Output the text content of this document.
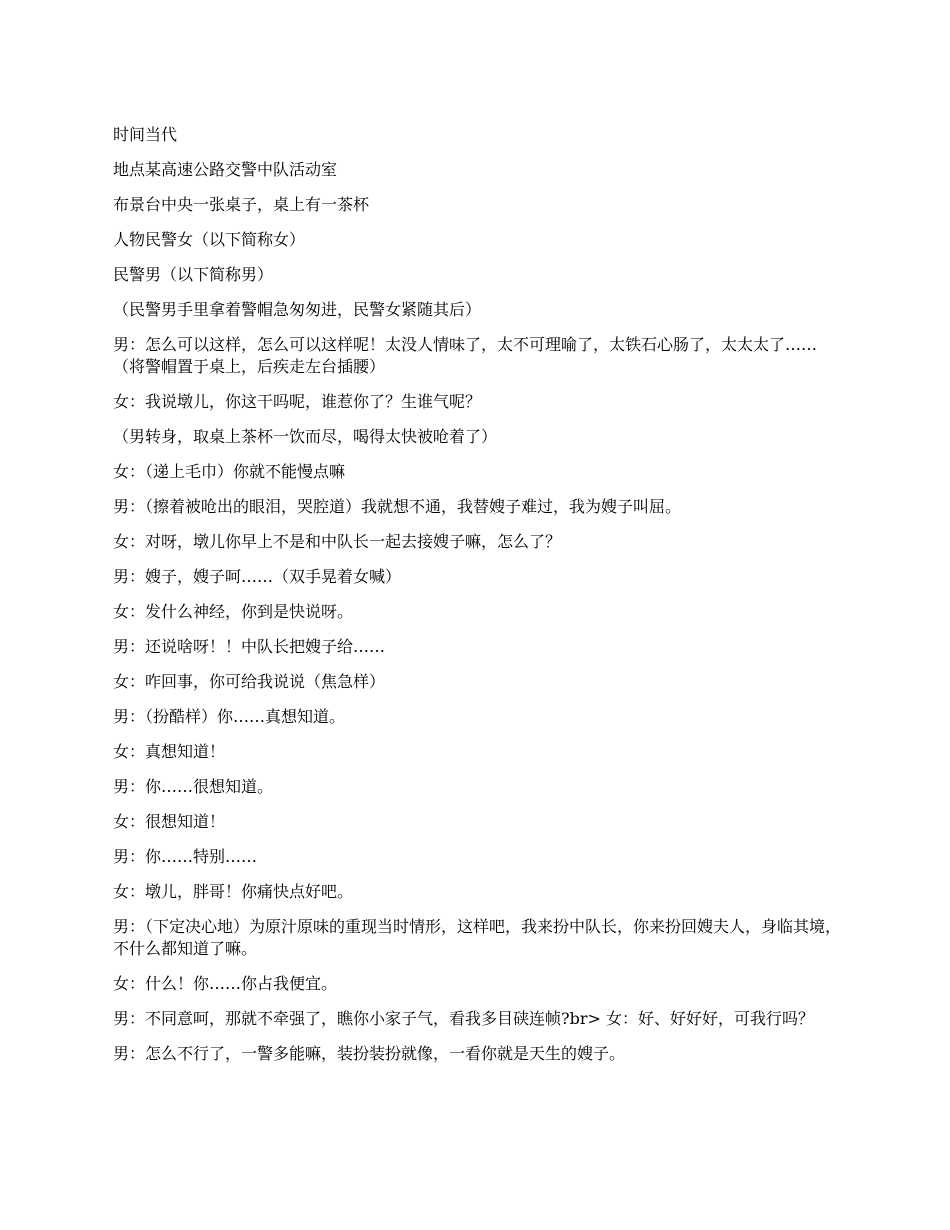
时间当代

地点某高速公路交警中队活动室

布景台中央一张桌子，桌上有一茶杯

人物民警女（以下简称女）

民警男（以下简称男）

（民警男手里拿着警帽急匆匆进，民警女紧随其后）

男：怎么可以这样，怎么可以这样呢！太没人情味了，太不可理喻了，太铁石心肠了，太太太了……（将警帽置于桌上，后疾走左台插腰）

女：我说墩儿，你这干吗呢，谁惹你了？生谁气呢？

（男转身，取桌上茶杯一饮而尽，喝得太快被呛着了）

女：（递上毛巾）你就不能慢点嘛

男：（擦着被呛出的眼泪，哭腔道）我就想不通，我替嫂子难过，我为嫂子叫屈。

女：对呀，墩儿你早上不是和中队长一起去接嫂子嘛，怎么了？

男：嫂子，嫂子呵……（双手晃着女喊）

女：发什么神经，你到是快说呀。

男：还说啥呀！！中队长把嫂子给……

女：咋回事，你可给我说说（焦急样）

男：（扮酷样）你……真想知道。

女：真想知道！

男：你……很想知道。

女：很想知道！

男：你……特别……

女：墩儿，胖哥！你痛快点好吧。

男：（下定决心地）为原汁原味的重现当时情形，这样吧，我来扮中队长，你来扮回嫂夫人，身临其境，不什么都知道了嘛。

女：什么！你……你占我便宜。

男：不同意呵，那就不牵强了，瞧你小家子气，看我多目硖连帧?br> 女：好、好好好，可我行吗？

男：怎么不行了，一警多能嘛，装扮装扮就像，一看你就是天生的嫂子。
